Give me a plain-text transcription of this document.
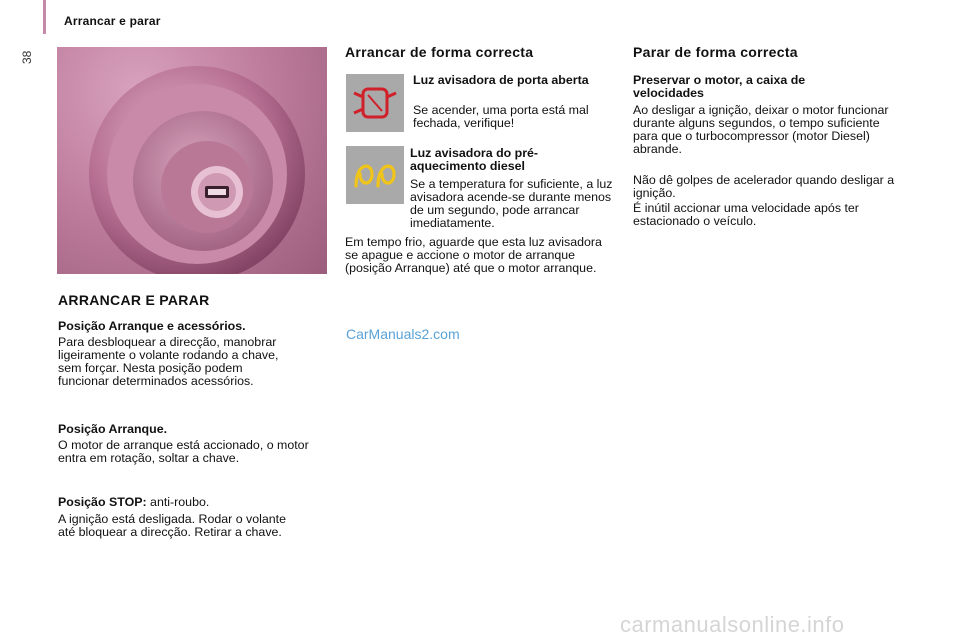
38
Arrancar e parar
ARRANCAR E PARAR

Posição Arranque e acessórios.

Para desbloquear a direcção, manobrar ligeiramente o volante rodando a chave, sem forçar. Nesta posição podem funcionar determinados acessórios.

Posição Arranque.

O motor de arranque está accionado, o motor entra em rotação, soltar a chave.

Posição STOP: anti-roubo.

A ignição está desligada. Rodar o volante até bloquear a direcção. Retirar a chave.

Arrancar de forma correcta

Luz avisadora de porta aberta

Se acender, uma porta está mal fechada, verifique!

Luz avisadora do pré-aquecimento diesel

Se a temperatura for suficiente, a luz avisadora acende-se durante menos de um segundo, pode arrancar imediatamente.

Em tempo frio, aguarde que esta luz avisadora se apague e accione o motor de arranque (posição Arranque) até que o motor arranque.

Parar de forma correcta

Preservar o motor, a caixa de velocidades

Ao desligar a ignição, deixar o motor funcionar durante alguns segundos, o tempo suficiente para que o turbocompressor (motor Diesel) abrande.

Não dê golpes de acelerador quando desligar a ignição.

É inútil accionar uma velocidade após ter estacionado o veículo.

CarManuals2.com
carmanualsonline.info
